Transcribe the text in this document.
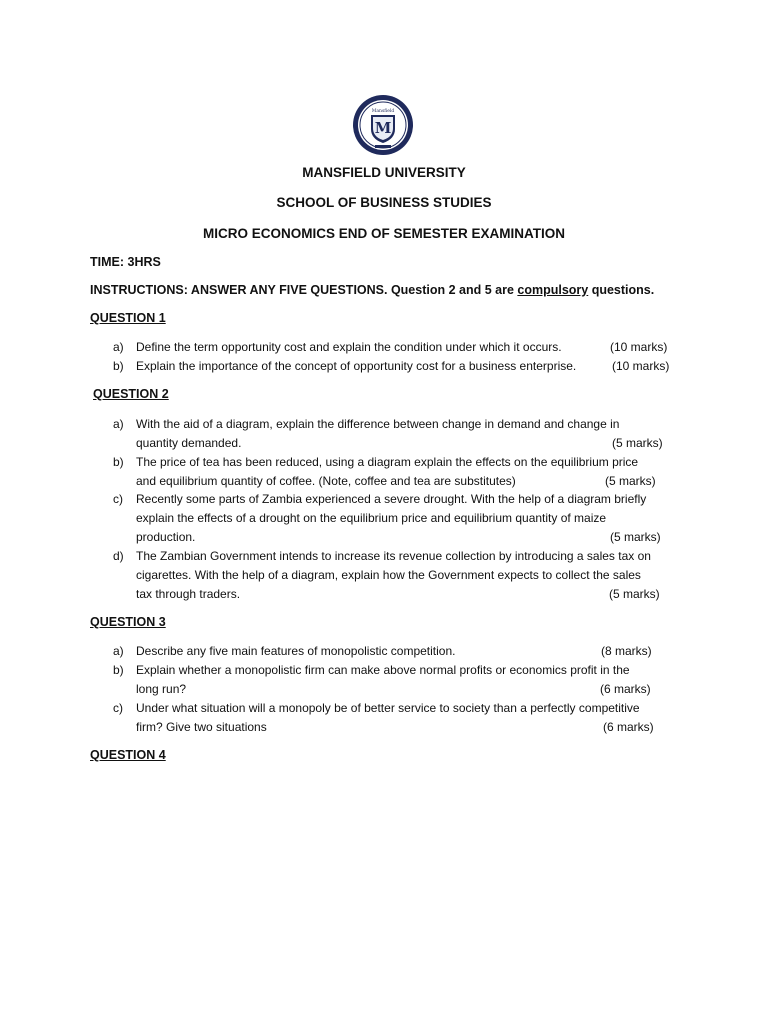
M
Mansfield
MANSFIELD UNIVERSITY
SCHOOL OF BUSINESS STUDIES
MICRO ECONOMICS END OF SEMESTER EXAMINATION
TIME: 3HRS
INSTRUCTIONS: ANSWER ANY FIVE QUESTIONS. Question 2 and 5 are compulsory questions.
QUESTION 1
a) Define the term opportunity cost and explain the condition under which it occurs.	(10 marks)
b) Explain the importance of the concept of opportunity cost for a business enterprise.	(10 marks)
QUESTION 2
a) With the aid of a diagram, explain the difference between change in demand and change in
quantity demanded.	(5 marks)
b) The price of tea has been reduced, using a diagram explain the effects on the equilibrium price
and equilibrium quantity of coffee. (Note, coffee and tea are substitutes)	(5 marks)
c) Recently some parts of Zambia experienced a severe drought. With the help of a diagram briefly
explain the effects of a drought on the equilibrium price and equilibrium quantity of maize
production.	(5 marks)
d) The Zambian Government intends to increase its revenue collection by introducing a sales tax on
cigarettes. With the help of a diagram, explain how the Government expects to collect the sales
tax through traders.	(5 marks)
QUESTION 3
a) Describe any five main features of monopolistic competition.	(8 marks)
b) Explain whether a monopolistic firm can make above normal profits or economics profit in the
long run?	(6 marks)
c) Under what situation will a monopoly be of better service to society than a perfectly competitive
firm? Give two situations	(6 marks)
QUESTION 4
